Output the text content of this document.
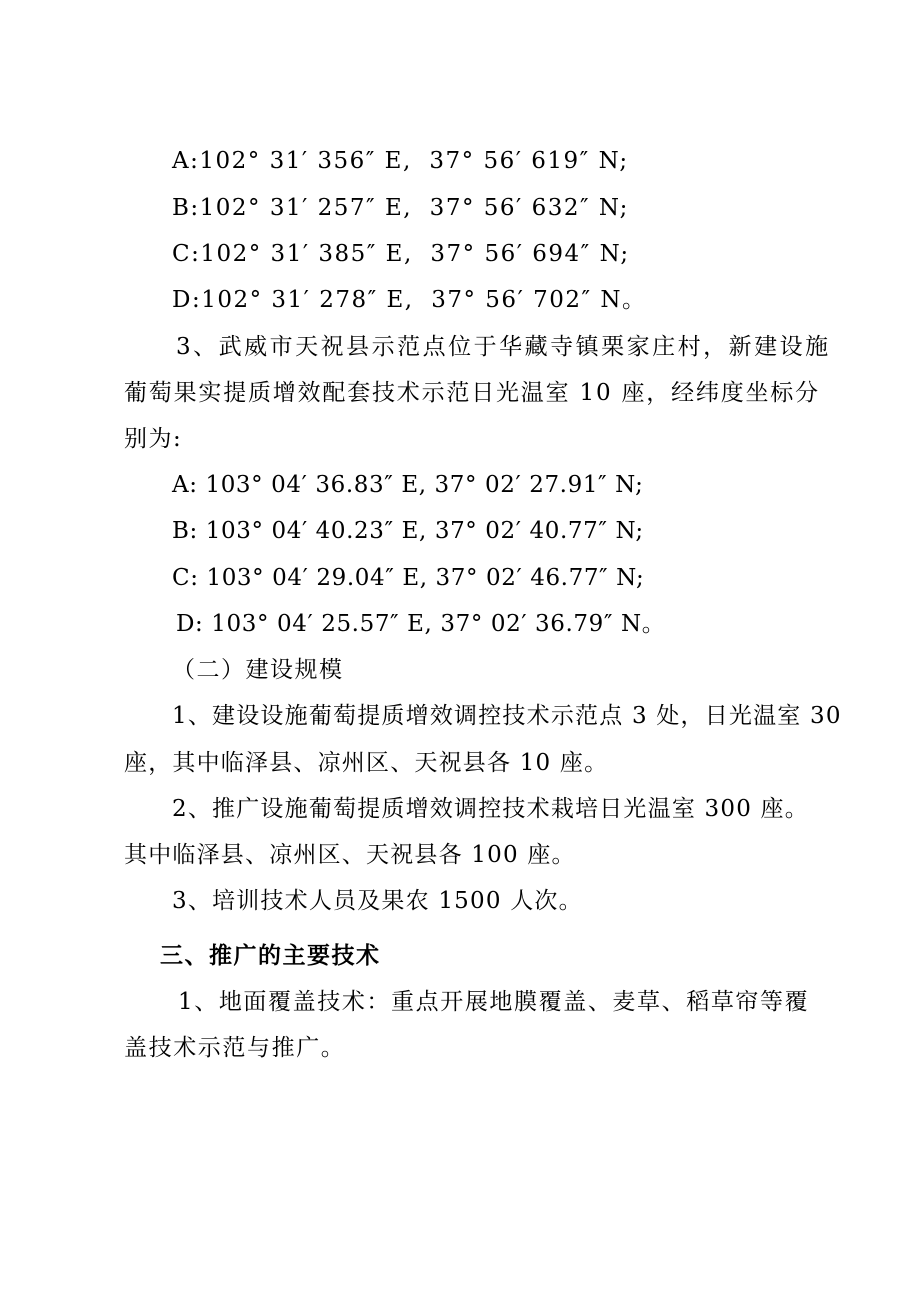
A:102° 31′ 356″ E,  37° 56′ 619″ N;
B:102° 31′ 257″ E,  37° 56′ 632″ N;
C:102° 31′ 385″ E,  37° 56′ 694″ N;
D:102° 31′ 278″ E,  37° 56′ 702″ N。
3、武威市天祝县示范点位于华藏寺镇栗家庄村，新建设施
葡萄果实提质增效配套技术示范日光温室 10 座，经纬度坐标分
别为:
A: 103° 04′ 36.83″ E, 37° 02′ 27.91″ N;
B: 103° 04′ 40.23″ E, 37° 02′ 40.77″ N;
C: 103° 04′ 29.04″ E, 37° 02′ 46.77″ N;
D: 103° 04′ 25.57″ E, 37° 02′ 36.79″ N。
（二）建设规模
1、建设设施葡萄提质增效调控技术示范点 3 处，日光温室 30
座，其中临泽县、凉州区、天祝县各 10 座。
2、推广设施葡萄提质增效调控技术栽培日光温室 300 座。
其中临泽县、凉州区、天祝县各 100 座。
3、培训技术人员及果农 1500 人次。
三、推广的主要技术
1、地面覆盖技术：重点开展地膜覆盖、麦草、稻草帘等覆
盖技术示范与推广。
